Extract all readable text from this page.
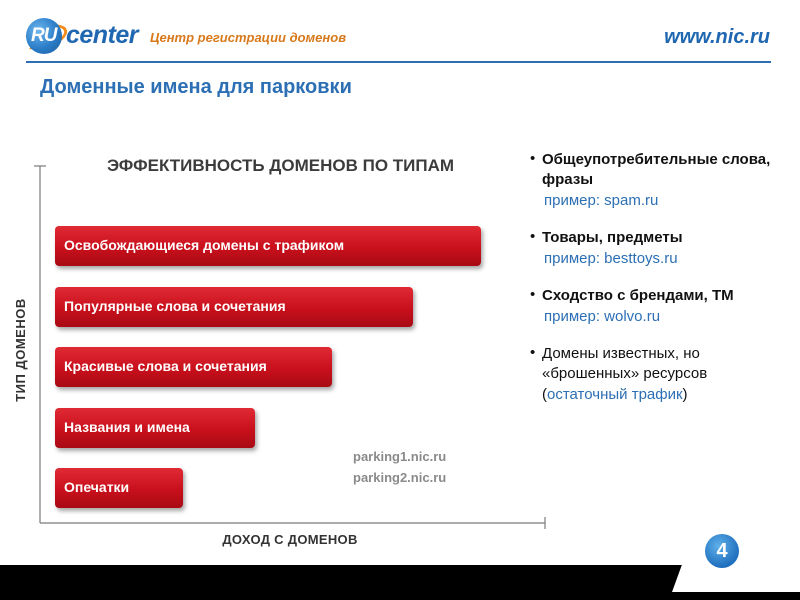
RU center Центр регистрации доменов	www.nic.ru
Доменные имена для парковки
ЭФФЕКТИВНОСТЬ ДОМЕНОВ ПО ТИПАМ
ТИП ДОМЕНОВ
ДОХОД С ДОМЕНОВ
Освобождающиеся домены с трафиком
Популярные слова и сочетания
Красивые слова и сочетания
Названия и имена
Опечатки
parking1.nic.ru
parking2.nic.ru
• Общеупотребительные слова, фразы
пример: spam.ru
• Товары, предметы
пример: besttoys.ru
• Сходство с брендами, ТМ
пример: wolvo.ru
• Домены известных, но «брошенных» ресурсов
(остаточный трафик)
4
